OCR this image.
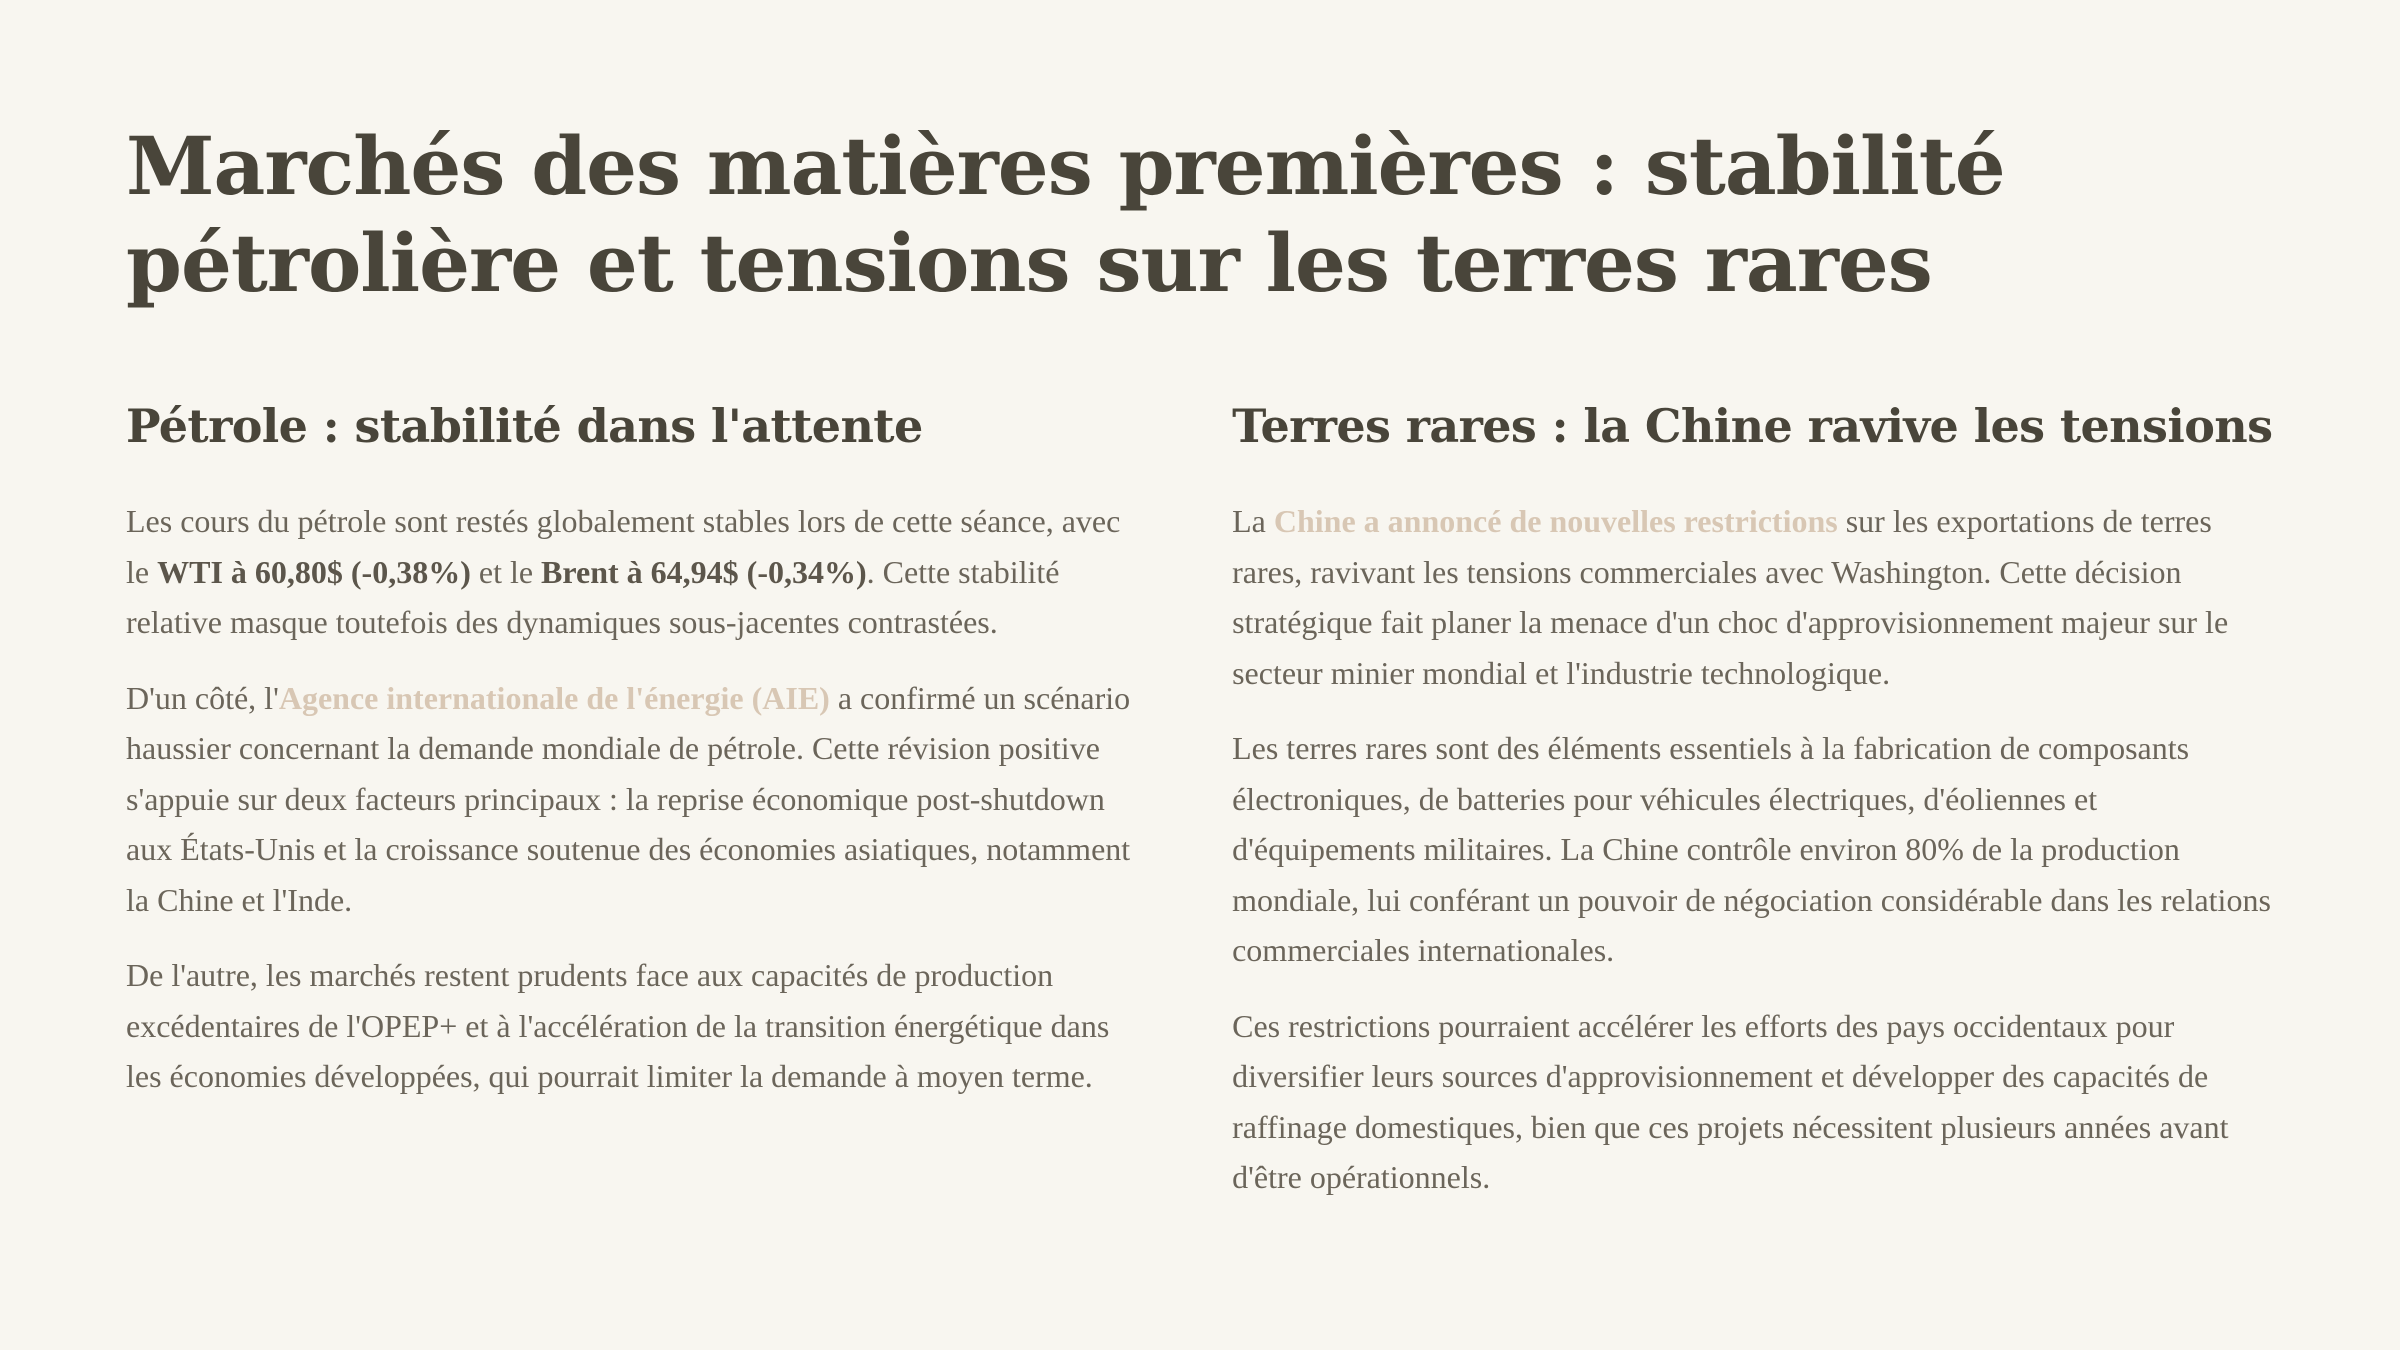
Marchés des matières premières : stabilité pétrolière et tensions sur les terres rares
Pétrole : stabilité dans l'attente

Les cours du pétrole sont restés globalement stables lors de cette séance, avec le WTI à 60,80$ (-0,38%) et le Brent à 64,94$ (-0,34%). Cette stabilité relative masque toutefois des dynamiques sous-jacentes contrastées.

D'un côté, l'Agence internationale de l'énergie (AIE) a confirmé un scénario haussier concernant la demande mondiale de pétrole. Cette révision positive s'appuie sur deux facteurs principaux : la reprise économique post-shutdown aux États-Unis et la croissance soutenue des économies asiatiques, notamment la Chine et l'Inde.

De l'autre, les marchés restent prudents face aux capacités de production excédentaires de l'OPEP+ et à l'accélération de la transition énergétique dans les économies développées, qui pourrait limiter la demande à moyen terme.

Terres rares : la Chine ravive les tensions

La Chine a annoncé de nouvelles restrictions sur les exportations de terres rares, ravivant les tensions commerciales avec Washington. Cette décision stratégique fait planer la menace d'un choc d'approvisionnement majeur sur le secteur minier mondial et l'industrie technologique.

Les terres rares sont des éléments essentiels à la fabrication de composants électroniques, de batteries pour véhicules électriques, d'éoliennes et d'équipements militaires. La Chine contrôle environ 80% de la production mondiale, lui conférant un pouvoir de négociation considérable dans les relations commerciales internationales.

Ces restrictions pourraient accélérer les efforts des pays occidentaux pour diversifier leurs sources d'approvisionnement et développer des capacités de raffinage domestiques, bien que ces projets nécessitent plusieurs années avant d'être opérationnels.
